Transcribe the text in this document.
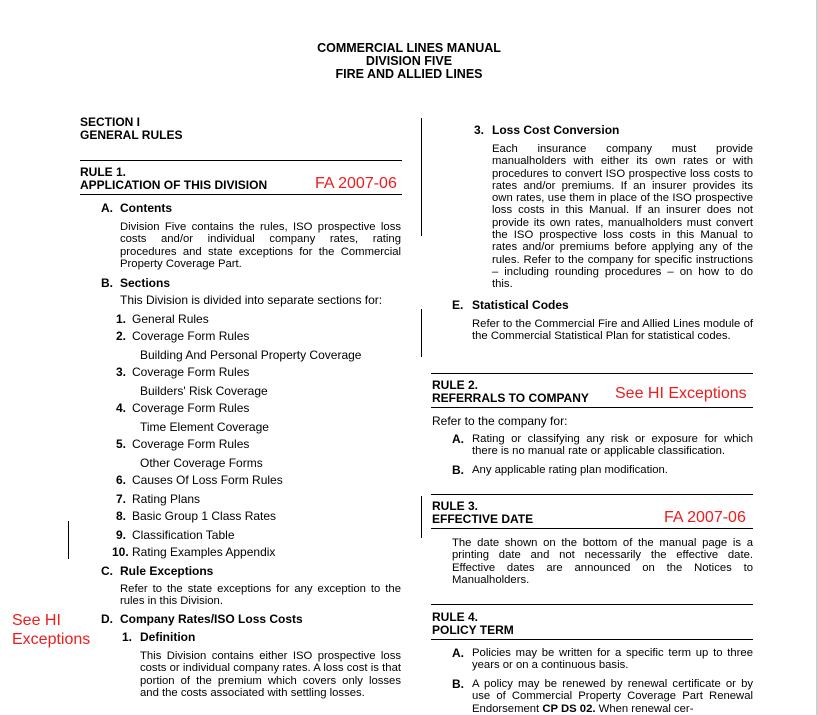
COMMERCIAL LINES MANUAL
DIVISION FIVE
FIRE AND ALLIED LINES
SECTION I
GENERAL RULES
RULE 1.
APPLICATION OF THIS DIVISION	FA 2007-06
A. Contents
Division Five contains the rules, ISO prospective loss costs and/or individual company rates, rating procedures and state exceptions for the Commercial Property Coverage Part.
B. Sections
This Division is divided into separate sections for:
1. General Rules
2. Coverage Form Rules
Building And Personal Property Coverage
3. Coverage Form Rules
Builders' Risk Coverage
4. Coverage Form Rules
Time Element Coverage
5. Coverage Form Rules
Other Coverage Forms
6. Causes Of Loss Form Rules
7. Rating Plans
8. Basic Group 1 Class Rates
9. Classification Table
10. Rating Examples Appendix
C. Rule Exceptions
Refer to the state exceptions for any exception to the rules in this Division.
See HI
Exceptions
D. Company Rates/ISO Loss Costs
1. Definition
This Division contains either ISO prospective loss costs or individual company rates. A loss cost is that portion of the premium which covers only losses and the costs associated with settling losses.
3. Loss Cost Conversion
Each insurance company must provide manualholders with either its own rates or with procedures to convert ISO prospective loss costs to rates and/or premiums. If an insurer provides its own rates, use them in place of the ISO prospective loss costs in this Manual. If an insurer does not provide its own rates, manualholders must convert the ISO prospective loss costs in this Manual to rates and/or premiums before applying any of the rules. Refer to the company for specific instructions – including rounding procedures – on how to do this.
E. Statistical Codes
Refer to the Commercial Fire and Allied Lines module of the Commercial Statistical Plan for statistical codes.
RULE 2.
REFERRALS TO COMPANY See HI Exceptions
Refer to the company for:
A. Rating or classifying any risk or exposure for which there is no manual rate or applicable classification.
B. Any applicable rating plan modification.
RULE 3.
EFFECTIVE DATE	FA 2007-06
The date shown on the bottom of the manual page is a printing date and not necessarily the effective date. Effective dates are announced on the Notices to Manualholders.
RULE 4.
POLICY TERM
A. Policies may be written for a specific term up to three years or on a continuous basis.
B. A policy may be renewed by renewal certificate or by use of Commercial Property Coverage Part Renewal Endorsement CP DS 02. When renewal cer-
